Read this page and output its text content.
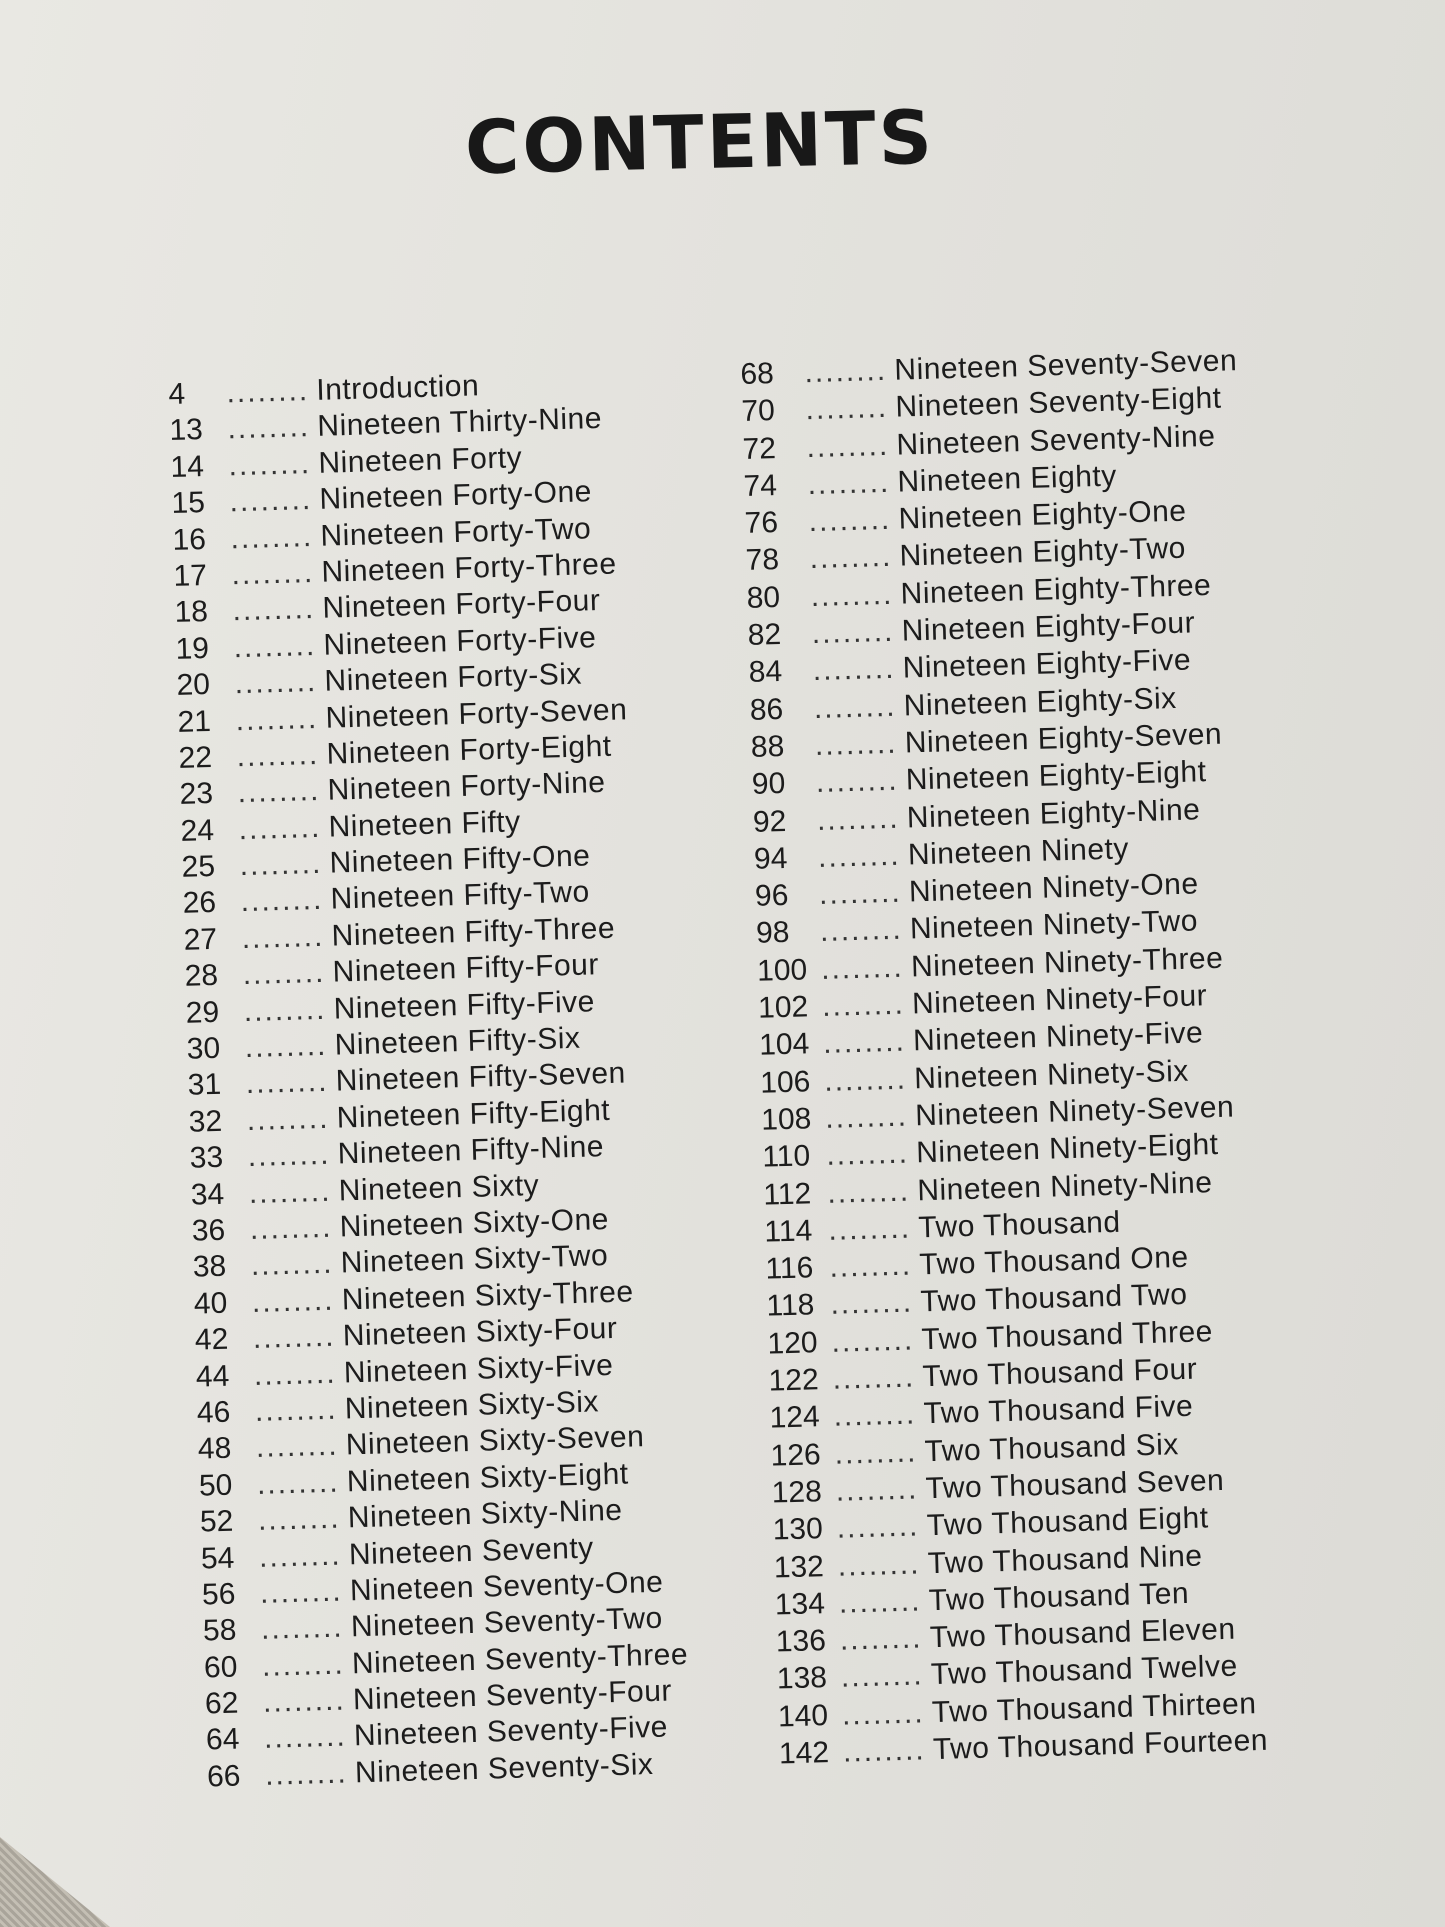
CONTENTS
4	........ Introduction
13 ........ Nineteen Thirty-Nine
14 ........ Nineteen Forty
15 ........ Nineteen Forty-One
16 ........ Nineteen Forty-Two
17 ........ Nineteen Forty-Three
18 ........ Nineteen Forty-Four
19 ........ Nineteen Forty-Five
20 ........ Nineteen Forty-Six
21 ........ Nineteen Forty-Seven
22 ........ Nineteen Forty-Eight
23 ........ Nineteen Forty-Nine
24 ........ Nineteen Fifty
25 ........ Nineteen Fifty-One
26 ........ Nineteen Fifty-Two
27 ........ Nineteen Fifty-Three
28 ........ Nineteen Fifty-Four
29 ........ Nineteen Fifty-Five
30 ........ Nineteen Fifty-Six
31 ........ Nineteen Fifty-Seven
32 ........ Nineteen Fifty-Eight
33 ........ Nineteen Fifty-Nine
34 ........ Nineteen Sixty
36 ........ Nineteen Sixty-One
38 ........ Nineteen Sixty-Two
40 ........ Nineteen Sixty-Three
42 ........ Nineteen Sixty-Four
44 ........ Nineteen Sixty-Five
46 ........ Nineteen Sixty-Six
48 ........ Nineteen Sixty-Seven
50 ........ Nineteen Sixty-Eight
52 ........ Nineteen Sixty-Nine
54 ........ Nineteen Seventy
56 ........ Nineteen Seventy-One
58 ........ Nineteen Seventy-Two
60 ........ Nineteen Seventy-Three
62 ........ Nineteen Seventy-Four
64 ........ Nineteen Seventy-Five
66 ........ Nineteen Seventy-Six
68 ........ Nineteen Seventy-Seven
70 ........ Nineteen Seventy-Eight
72 ........ Nineteen Seventy-Nine
74 ........ Nineteen Eighty
76 ........ Nineteen Eighty-One
78 ........ Nineteen Eighty-Two
80 ........ Nineteen Eighty-Three
82 ........ Nineteen Eighty-Four
84 ........ Nineteen Eighty-Five
86 ........ Nineteen Eighty-Six
88 ........ Nineteen Eighty-Seven
90 ........ Nineteen Eighty-Eight
92 ........ Nineteen Eighty-Nine
94 ........ Nineteen Ninety
96 ........ Nineteen Ninety-One
98 ........ Nineteen Ninety-Two
100 ........ Nineteen Ninety-Three
102 ........ Nineteen Ninety-Four
104 ........ Nineteen Ninety-Five
106 ........ Nineteen Ninety-Six
108 ........ Nineteen Ninety-Seven
110 ........ Nineteen Ninety-Eight
112 ........ Nineteen Ninety-Nine
114 ........ Two Thousand
116 ........ Two Thousand One
118 ........ Two Thousand Two
120 ........ Two Thousand Three
122 ........ Two Thousand Four
124 ........ Two Thousand Five
126 ........ Two Thousand Six
128 ........ Two Thousand Seven
130 ........ Two Thousand Eight
132 ........ Two Thousand Nine
134 ........ Two Thousand Ten
136 ........ Two Thousand Eleven
138 ........ Two Thousand Twelve
140 ........ Two Thousand Thirteen
142 ........ Two Thousand Fourteen
